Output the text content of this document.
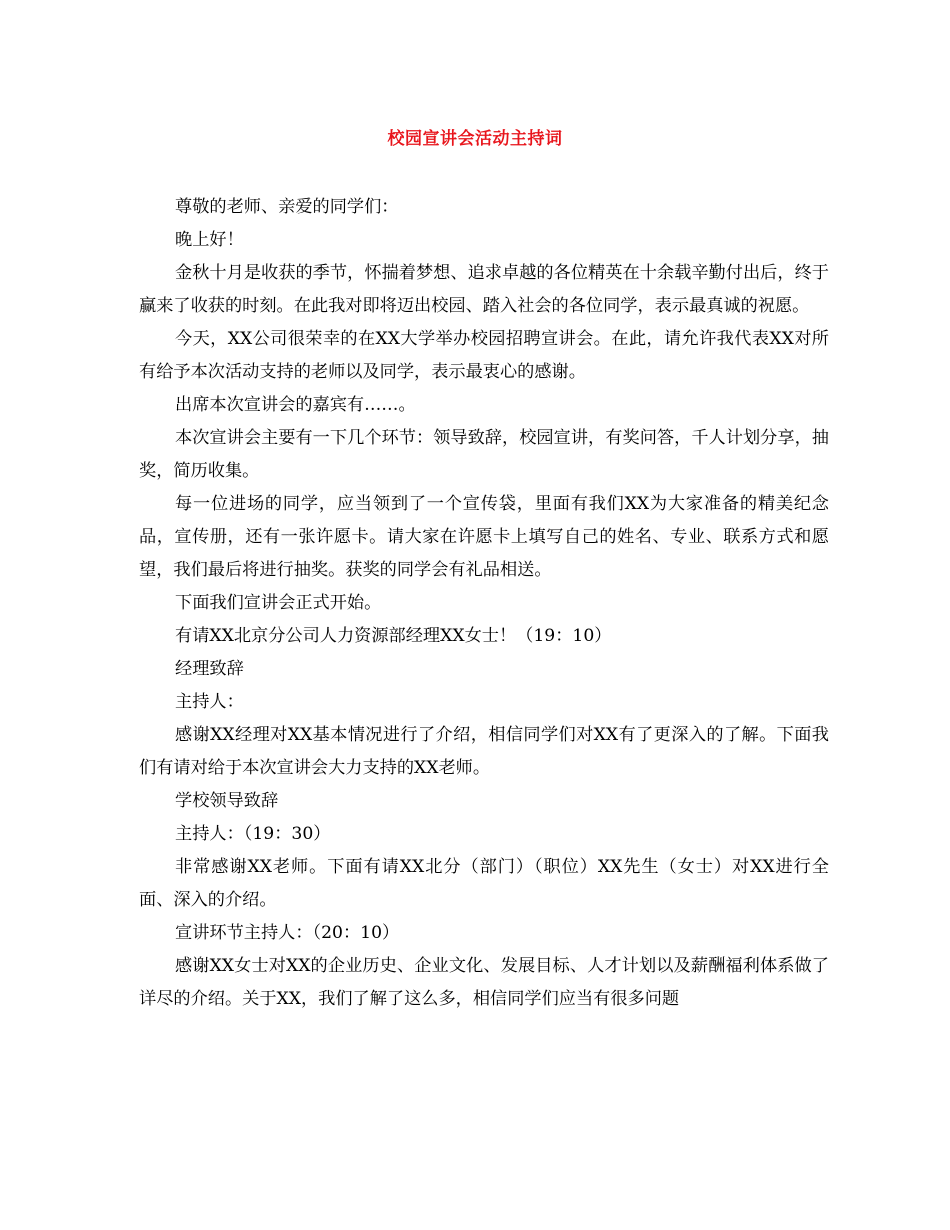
校园宣讲会活动主持词

尊敬的老师、亲爱的同学们：

晚上好！

金秋十月是收获的季节，怀揣着梦想、追求卓越的各位精英在十余载辛勤付出后，终于赢来了收获的时刻。在此我对即将迈出校园、踏入社会的各位同学，表示最真诚的祝愿。

今天，XX公司很荣幸的在XX大学举办校园招聘宣讲会。在此，请允许我代表XX对所有给予本次活动支持的老师以及同学，表示最衷心的感谢。

出席本次宣讲会的嘉宾有……。

本次宣讲会主要有一下几个环节：领导致辞，校园宣讲，有奖问答，千人计划分享，抽奖，简历收集。

每一位进场的同学，应当领到了一个宣传袋，里面有我们XX为大家准备的精美纪念品，宣传册，还有一张许愿卡。请大家在许愿卡上填写自己的姓名、专业、联系方式和愿望，我们最后将进行抽奖。获奖的同学会有礼品相送。

下面我们宣讲会正式开始。

有请XX北京分公司人力资源部经理XX女士！（19：10）

经理致辞

主持人：

感谢XX经理对XX基本情况进行了介绍，相信同学们对XX有了更深入的了解。下面我们有请对给于本次宣讲会大力支持的XX老师。

学校领导致辞

主持人：（19：30）

非常感谢XX老师。下面有请XX北分（部门）（职位）XX先生（女士）对XX进行全面、深入的介绍。

宣讲环节主持人：（20：10）

感谢XX女士对XX的企业历史、企业文化、发展目标、人才计划以及薪酬福利体系做了详尽的介绍。关于XX，我们了解了这么多，相信同学们应当有很多问题
